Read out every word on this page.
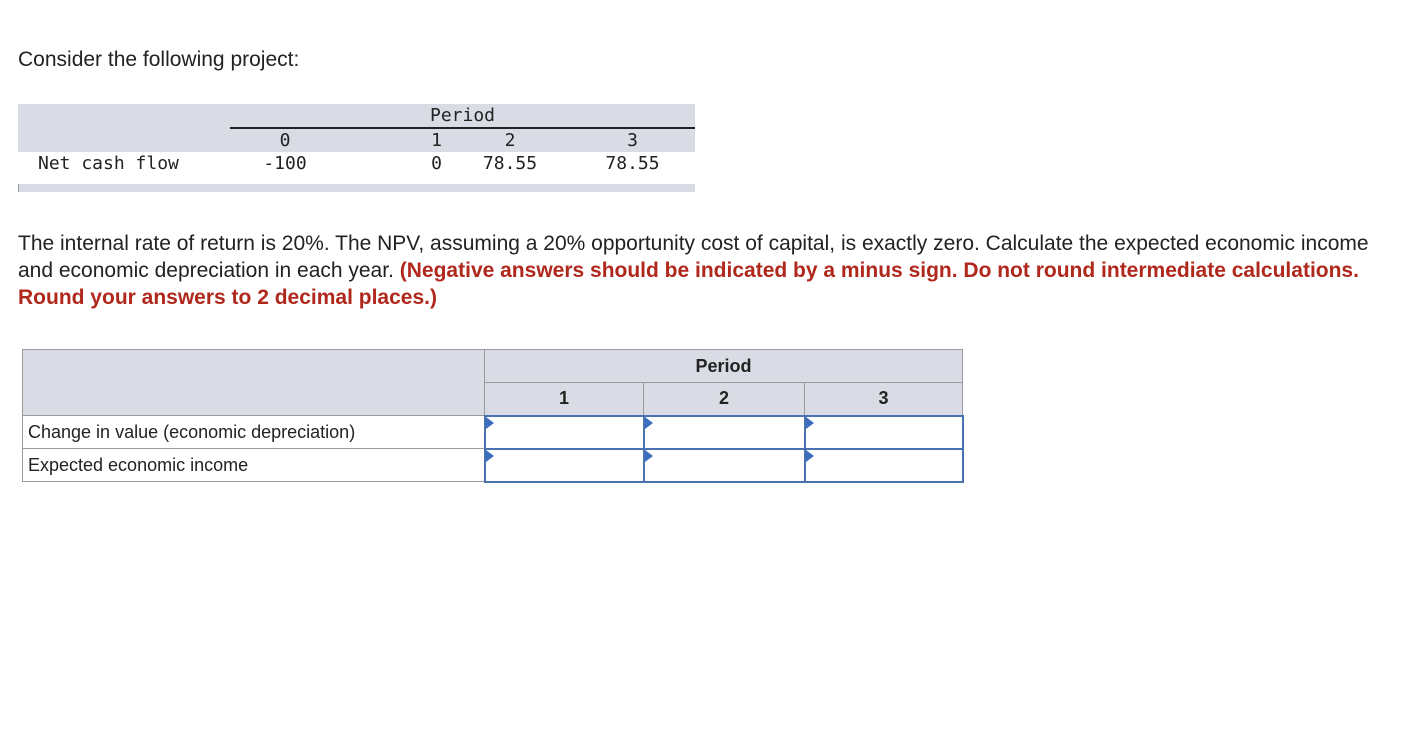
Consider the following project:
	Period			
	0	1	2	3
Net cash flow	-100	0	78.55	78.55

The internal rate of return is 20%. The NPV, assuming a 20% opportunity cost of capital, is exactly zero. Calculate the expected economic income and economic depreciation in each year. (Negative answers should be indicated by a minus sign. Do not round intermediate calculations. Round your answers to 2 decimal places.)

	Period		
	1	2	3
Change in value (economic depreciation)	

Expected economic income	
